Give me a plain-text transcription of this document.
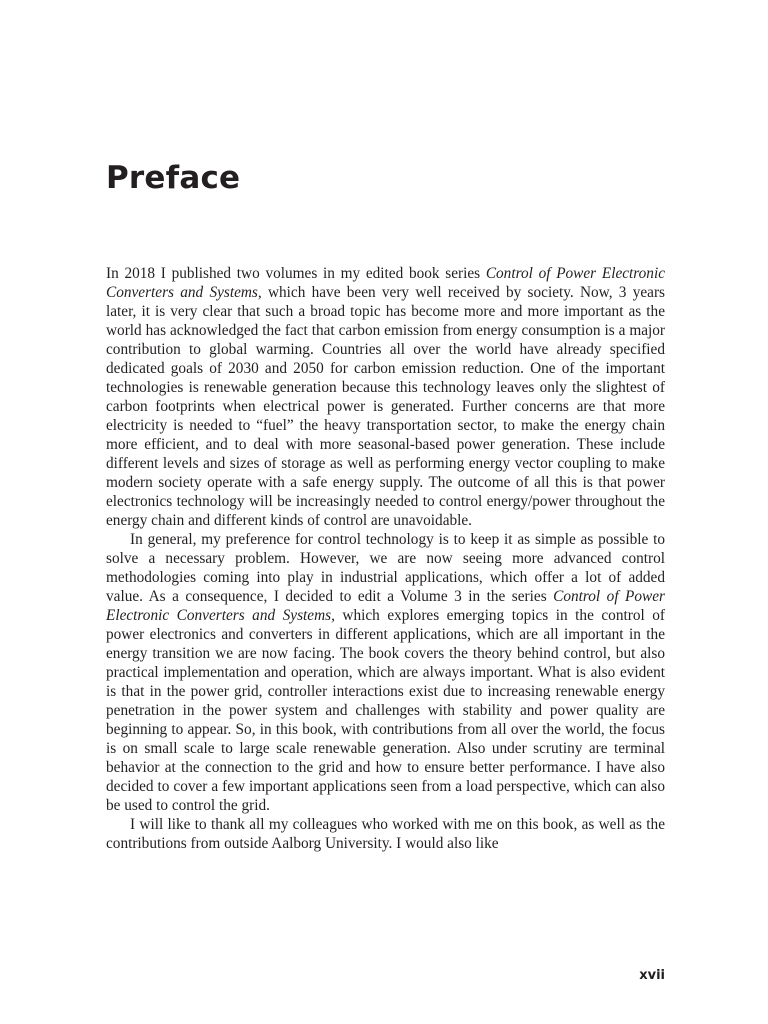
Preface

In 2018 I published two volumes in my edited book series Control of Power Electronic Converters and Systems, which have been very well received by society. Now, 3 years later, it is very clear that such a broad topic has become more and more important as the world has acknowledged the fact that carbon emission from energy consumption is a major contribution to global warming. Countries all over the world have already specified dedicated goals of 2030 and 2050 for carbon emission reduction. One of the important technologies is renewable generation because this technology leaves only the slightest of carbon footprints when electrical power is generated. Further concerns are that more electricity is needed to “fuel” the heavy transportation sector, to make the energy chain more efficient, and to deal with more seasonal-based power generation. These include different levels and sizes of storage as well as performing energy vector coupling to make modern society operate with a safe energy supply. The outcome of all this is that power electronics technology will be increasingly needed to control energy/power throughout the energy chain and different kinds of control are unavoidable.

In general, my preference for control technology is to keep it as simple as possible to solve a necessary problem. However, we are now seeing more advanced control methodologies coming into play in industrial applications, which offer a lot of added value. As a consequence, I decided to edit a Volume 3 in the series Control of Power Electronic Converters and Systems, which explores emerging topics in the control of power electronics and converters in different applications, which are all important in the energy transition we are now facing. The book covers the theory behind control, but also practical implementation and operation, which are always important. What is also evident is that in the power grid, controller interactions exist due to increasing renewable energy penetration in the power system and challenges with stability and power quality are beginning to appear. So, in this book, with contributions from all over the world, the focus is on small scale to large scale renewable generation. Also under scrutiny are terminal behavior at the connection to the grid and how to ensure better performance. I have also decided to cover a few important applications seen from a load perspective, which can also be used to control the grid.

I will like to thank all my colleagues who worked with me on this book, as well as the contributions from outside Aalborg University. I would also like

xvii
